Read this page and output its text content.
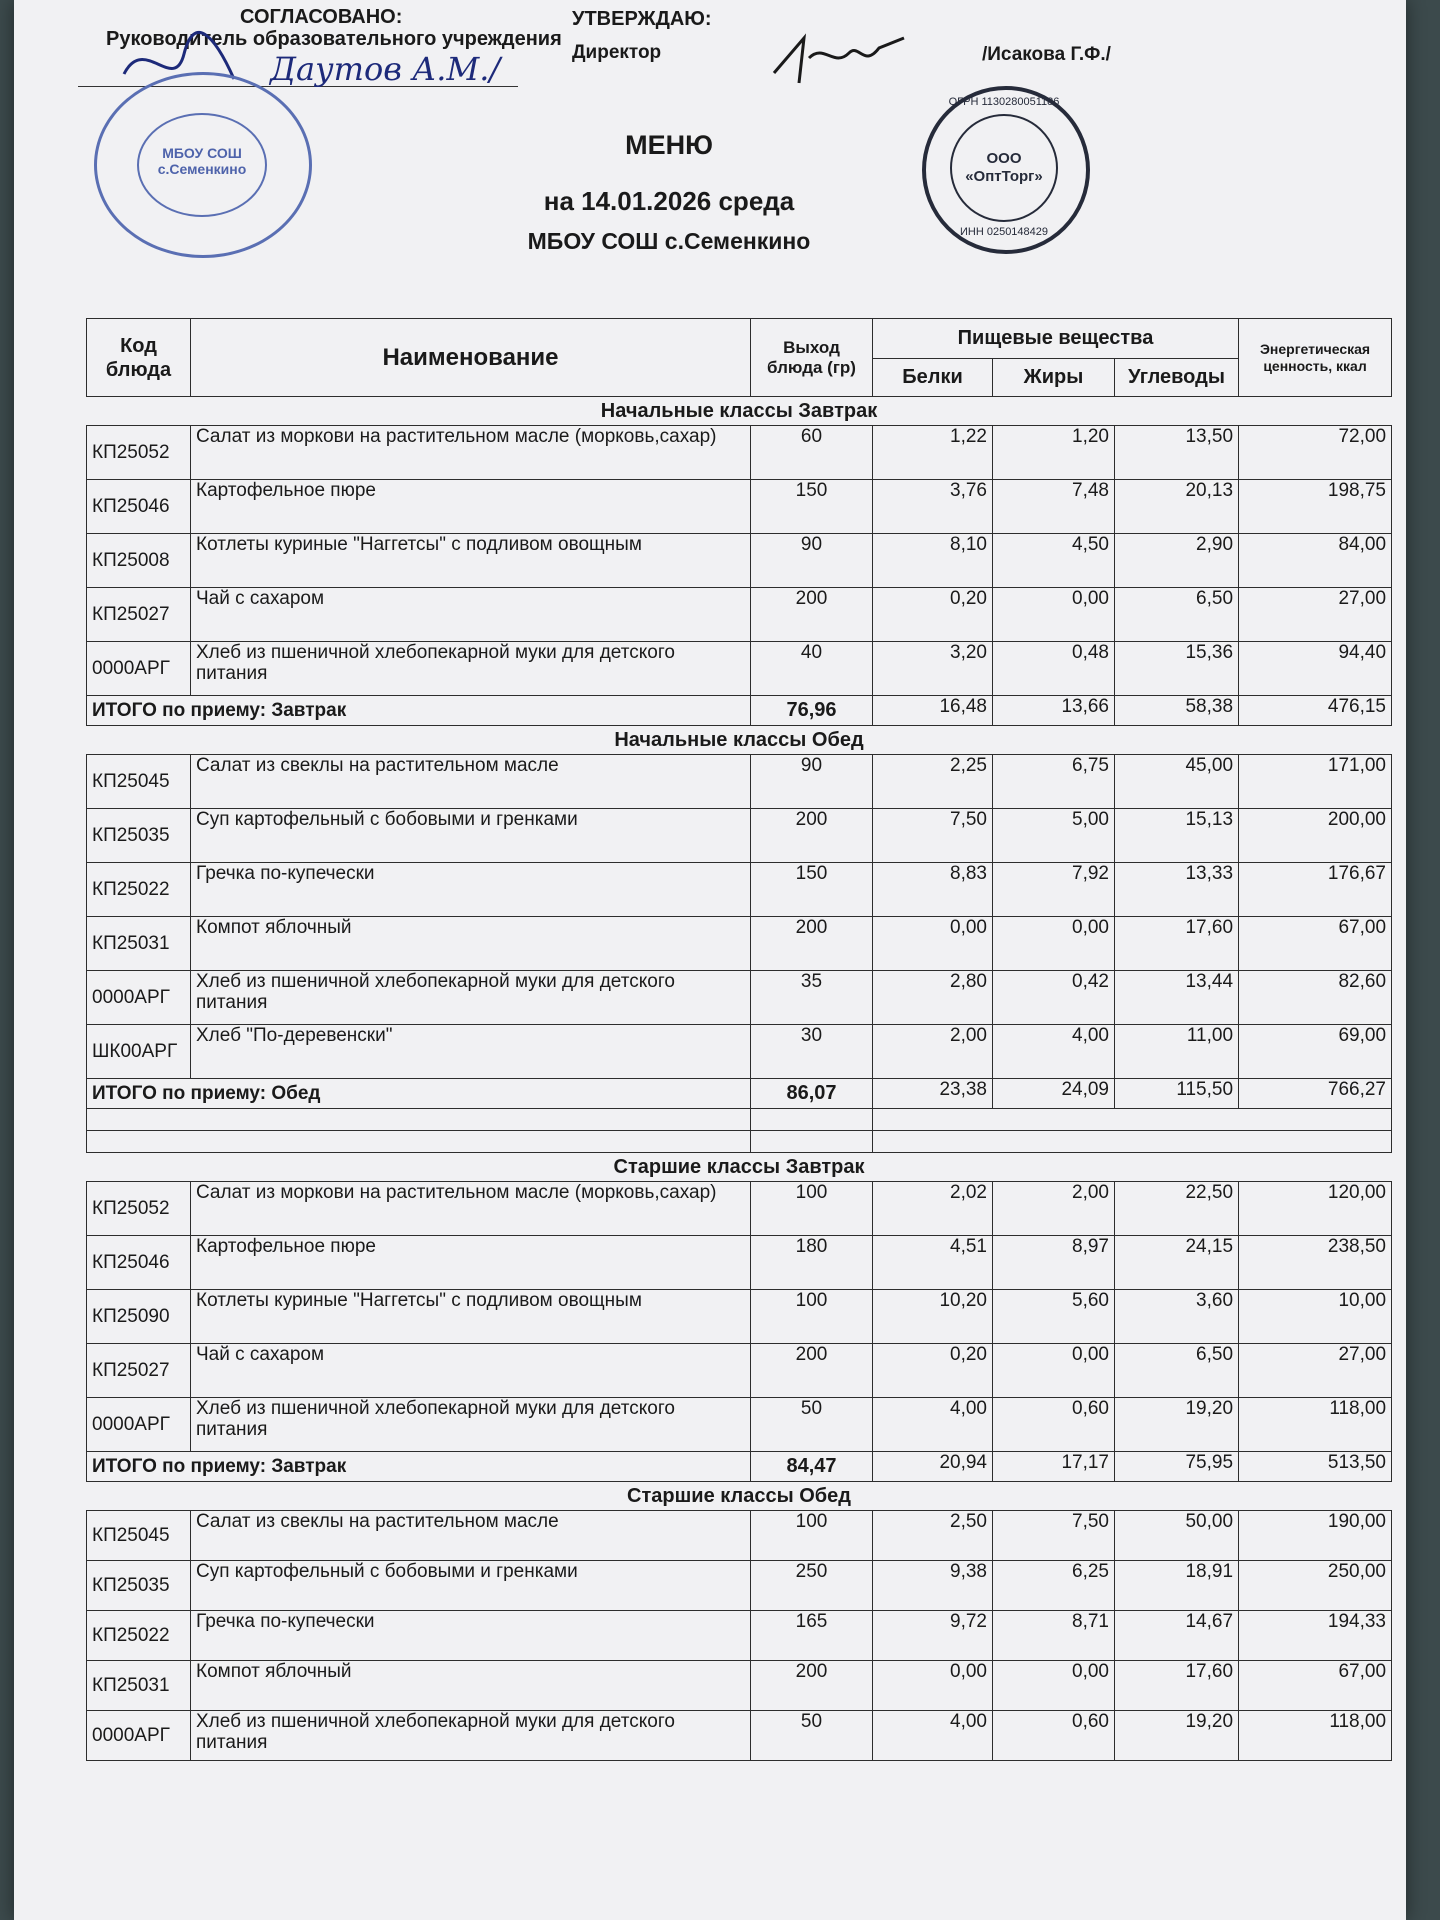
СОГЛАСОВАНО:
Руководитель образовательного учреждения
Даутов А.М./
УТВЕРЖДАЮ:
Директор	/Исакова Г.Ф./
МБОУ СОШ с.Семенкино
ООО «ОптТорг»
ОГРН 1130280051186
ИНН 0250148429
МЕНЮ
на 14.01.2026 среда
МБОУ СОШ с.Семенкино
Код блюда	Наименование	Выход блюда (гр)	Пищевые вещества			Энергетическая ценность, ккал
			Белки	Жиры	Углеводы	
Начальные классы Завтрак						
КП25052	Салат из моркови на растительном масле (морковь,сахар)	60	1,22	1,20	13,50	72,00
КП25046	Картофельное пюре	150	3,76	7,48	20,13	198,75
КП25008	Котлеты куриные "Наггетсы" с подливом овощным	90	8,10	4,50	2,90	84,00
КП25027	Чай с сахаром	200	0,20	0,00	6,50	27,00
0000АРГ	Хлеб из пшеничной хлебопекарной муки для детского питания	40	3,20	0,48	15,36	94,40
ИТОГО по приему: Завтрак		76,96	16,48	13,66	58,38	476,15
Начальные классы Обед						
КП25045	Салат из свеклы на растительном масле	90	2,25	6,75	45,00	171,00
КП25035	Суп картофельный с бобовыми и гренками	200	7,50	5,00	15,13	200,00
КП25022	Гречка по-купечески	150	8,83	7,92	13,33	176,67
КП25031	Компот яблочный	200	0,00	0,00	17,60	67,00
0000АРГ	Хлеб из пшеничной хлебопекарной муки для детского питания	35	2,80	0,42	13,44	82,60
ШК00АРГ	Хлеб "По-деревенски"	30	2,00	4,00	11,00	69,00
ИТОГО по приему: Обед		86,07	23,38	24,09	115,50	766,27

Старшие классы Завтрак						
КП25052	Салат из моркови на растительном масле (морковь,сахар)	100	2,02	2,00	22,50	120,00
КП25046	Картофельное пюре	180	4,51	8,97	24,15	238,50
КП25090	Котлеты куриные "Наггетсы" с подливом овощным	100	10,20	5,60	3,60	10,00
КП25027	Чай с сахаром	200	0,20	0,00	6,50	27,00
0000АРГ	Хлеб из пшеничной хлебопекарной муки для детского питания	50	4,00	0,60	19,20	118,00
ИТОГО по приему: Завтрак		84,47	20,94	17,17	75,95	513,50
Старшие классы Обед						
КП25045	Салат из свеклы на растительном масле	100	2,50	7,50	50,00	190,00
КП25035	Суп картофельный с бобовыми и гренками	250	9,38	6,25	18,91	250,00
КП25022	Гречка по-купечески	165	9,72	8,71	14,67	194,33
КП25031	Компот яблочный	200	0,00	0,00	17,60	67,00
0000АРГ	Хлеб из пшеничной хлебопекарной муки для детского питания	50	4,00	0,60	19,20	118,00
